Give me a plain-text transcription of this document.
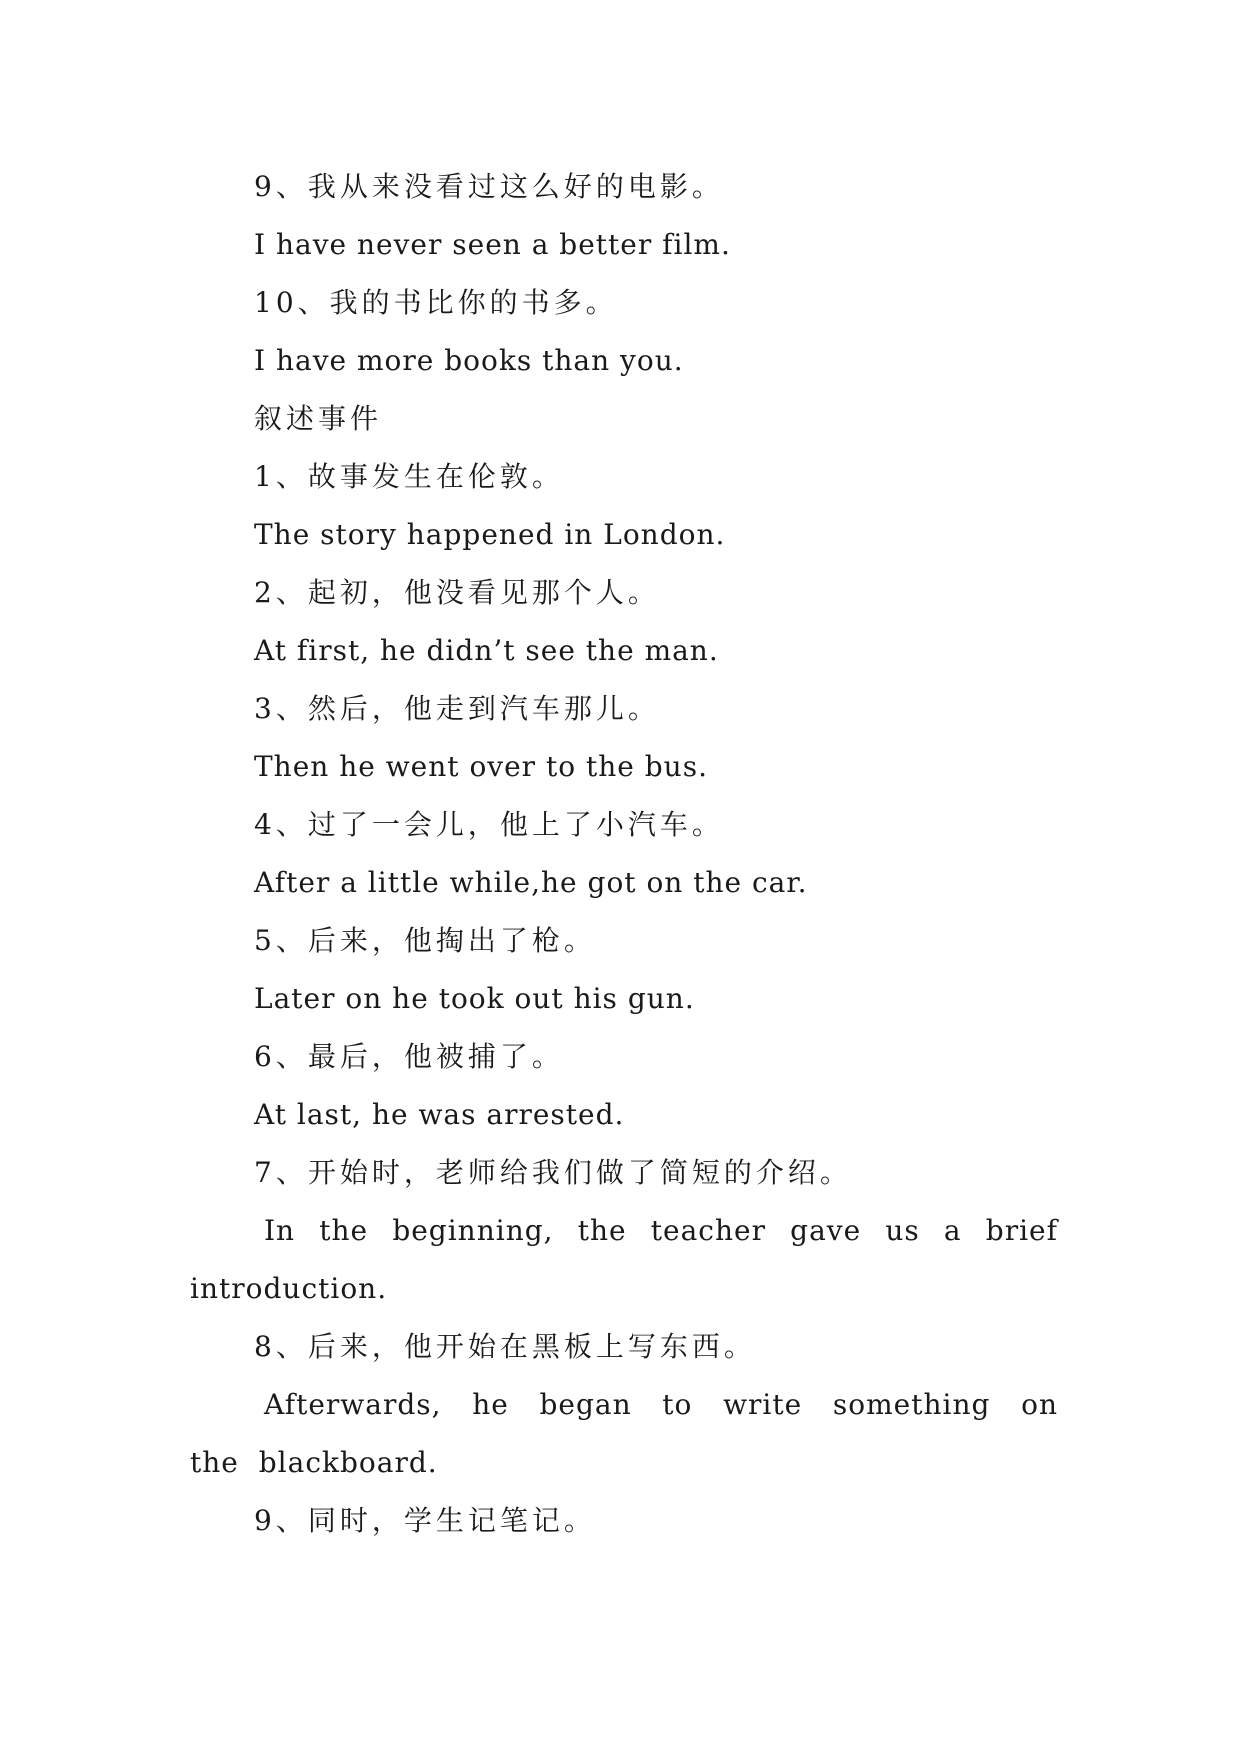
9、我从来没看过这么好的电影。

I have never seen a better film.

10、我的书比你的书多。

I have more books than you.

叙述事件

1、故事发生在伦敦。

The story happened in London.

2、起初，他没看见那个人。

At first, he didn’t see the man.

3、然后，他走到汽车那儿。

Then he went over to the bus.

4、过了一会儿，他上了小汽车。

After a little while,he got on the car.

5、后来，他掏出了枪。

Later on he took out his gun.

6、最后，他被捕了。

At last, he was arrested.

7、开始时，老师给我们做了简短的介绍。

In the beginning, the teacher gave us a brief introduction.

8、后来，他开始在黑板上写东西。

Afterwards, he began to write something on the blackboard.

9、同时，学生记笔记。
